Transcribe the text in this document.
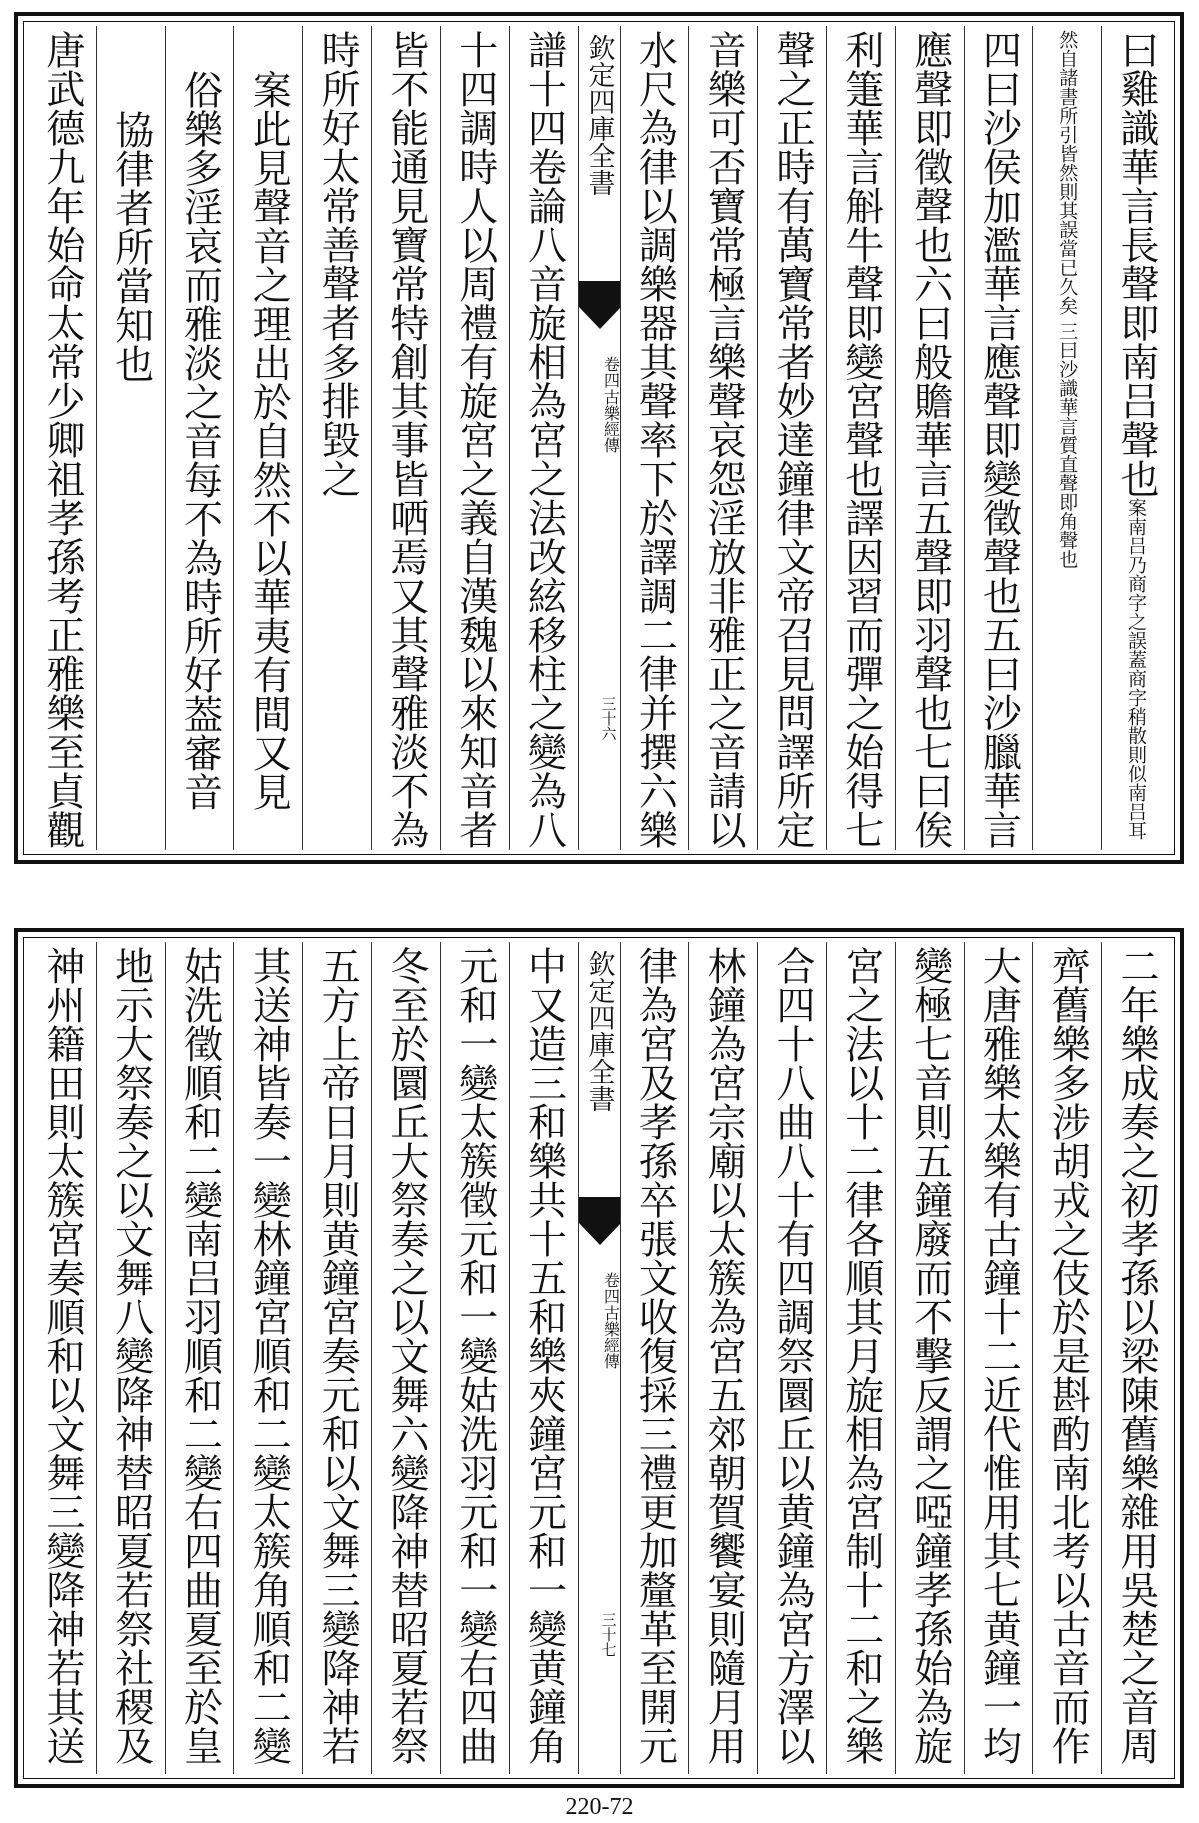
曰雞識華言長聲即南吕聲也案南吕乃商字之誤蓋商字稍散則似南吕耳
然自諸書所引皆然則其誤當已久矣 三曰沙識華言質直聲即角聲也
四曰沙侯加濫華言應聲即變徵聲也五曰沙臘華言
應聲即徵聲也六曰般贍華言五聲即羽聲也七曰俟
利箑華言斛牛聲即變宮聲也譯因習而彈之始得七
聲之正時有萬寶常者妙達鐘律文帝召見問譯所定
音樂可否寶常極言樂聲哀怨淫放非雅正之音請以
水尺為律以調樂器其聲率下於譯調二律并撰六樂
欽定四庫全書
古樂經傳
卷四
三十六
譜十四卷論八音旋相為宮之法改絃移柱之變為八
十四調時人以周禮有旋宮之義自漢魏以來知音者
皆不能通見寶常特創其事皆哂焉又其聲雅淡不為
時所好太常善聲者多排毀之
案此見聲音之理出於自然不以華夷有間又見
俗樂多淫哀而雅淡之音每不為時所好葢審音
協律者所當知也
唐武德九年始命太常少卿祖孝孫考正雅樂至貞觀
二年樂成奏之初孝孫以梁陳舊樂雜用吳楚之音周
齊舊樂多涉胡戎之伎於是斟酌南北考以古音而作
大唐雅樂太樂有古鐘十二近代惟用其七黄鐘一均
變極七音則五鐘廢而不擊反謂之啞鐘孝孫始為旋
宮之法以十二律各順其月旋相為宮制十二和之樂
合四十八曲八十有四調祭圜丘以黄鐘為宮方澤以
林鐘為宮宗廟以太簇為宮五郊朝賀饗宴則隨月用
律為宮及孝孫卒張文收復採三禮更加釐革至開元
欽定四庫全書
古樂經傳
卷四
三十七
中又造三和樂共十五和樂夾鐘宮元和一變黄鐘角
元和一變太簇徵元和一變姑洗羽元和一變右四曲
冬至於圜丘大祭奏之以文舞六變降神替昭夏若祭
五方上帝日月則黄鐘宮奏元和以文舞三變降神若
其送神皆奏一變林鐘宮順和二變太簇角順和二變
姑洗徵順和二變南吕羽順和二變右四曲夏至於皇
地示大祭奏之以文舞八變降神替昭夏若祭社稷及
神州籍田則太簇宮奏順和以文舞三變降神若其送
220-72
